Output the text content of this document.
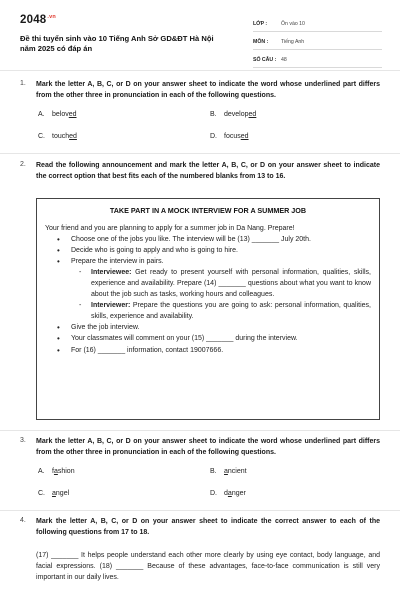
$2048^{.vn}$
Đề thi tuyển sinh vào 10 Tiếng Anh Sở GD&ĐT Hà Nội năm 2025 có đáp án
LỚP :	Ôn vào 10
MÔN :	Tiếng Anh
SỐ CÂU : 48
1.	Mark the letter A, B, C, or D on your answer sheet to indicate the word whose underlined part differs from the other three in pronunciation in each of the following questions.
A. beloved	B. developed
C. touched	D. focused
2.	Read the following announcement and mark the letter A, B, C, or D on your answer sheet to indicate the correct option that best fits each of the numbered blanks from 13 to 16.
TAKE PART IN A MOCK INTERVIEW FOR A SUMMER JOB

Your friend and you are planning to apply for a summer job in Da Nang. Prepare!

• Choose one of the jobs you like. The interview will be (13) _______ July 20th.
• Decide who is going to apply and who is going to hire.
• Prepare the interview in pairs.
- Interviewee: Get ready to present yourself with personal information, qualities, skills, experience and availability. Prepare (14) _______ questions about what you want to know about the job such as tasks, working hours and colleagues.
- Interviewer: Prepare the questions you are going to ask: personal information, qualities, skills, experience and availability.
• Give the job interview.
• Your classmates will comment on your (15) _______ during the interview.
• For (16) _______ information, contact 19007666.
3.	Mark the letter A, B, C, or D on your answer sheet to indicate the word whose underlined part differs from the other three in pronunciation in each of the following questions.
A. fashion	B. ancient
C. angel	D. danger
4.	Mark the letter A, B, C, or D on your answer sheet to indicate the correct answer to each of the following questions from 17 to 18.
(17) _______ It helps people understand each other more clearly by using eye contact, body language, and facial expressions. (18) _______ Because of these advantages, face-to-face communication is still very important in our daily lives.
